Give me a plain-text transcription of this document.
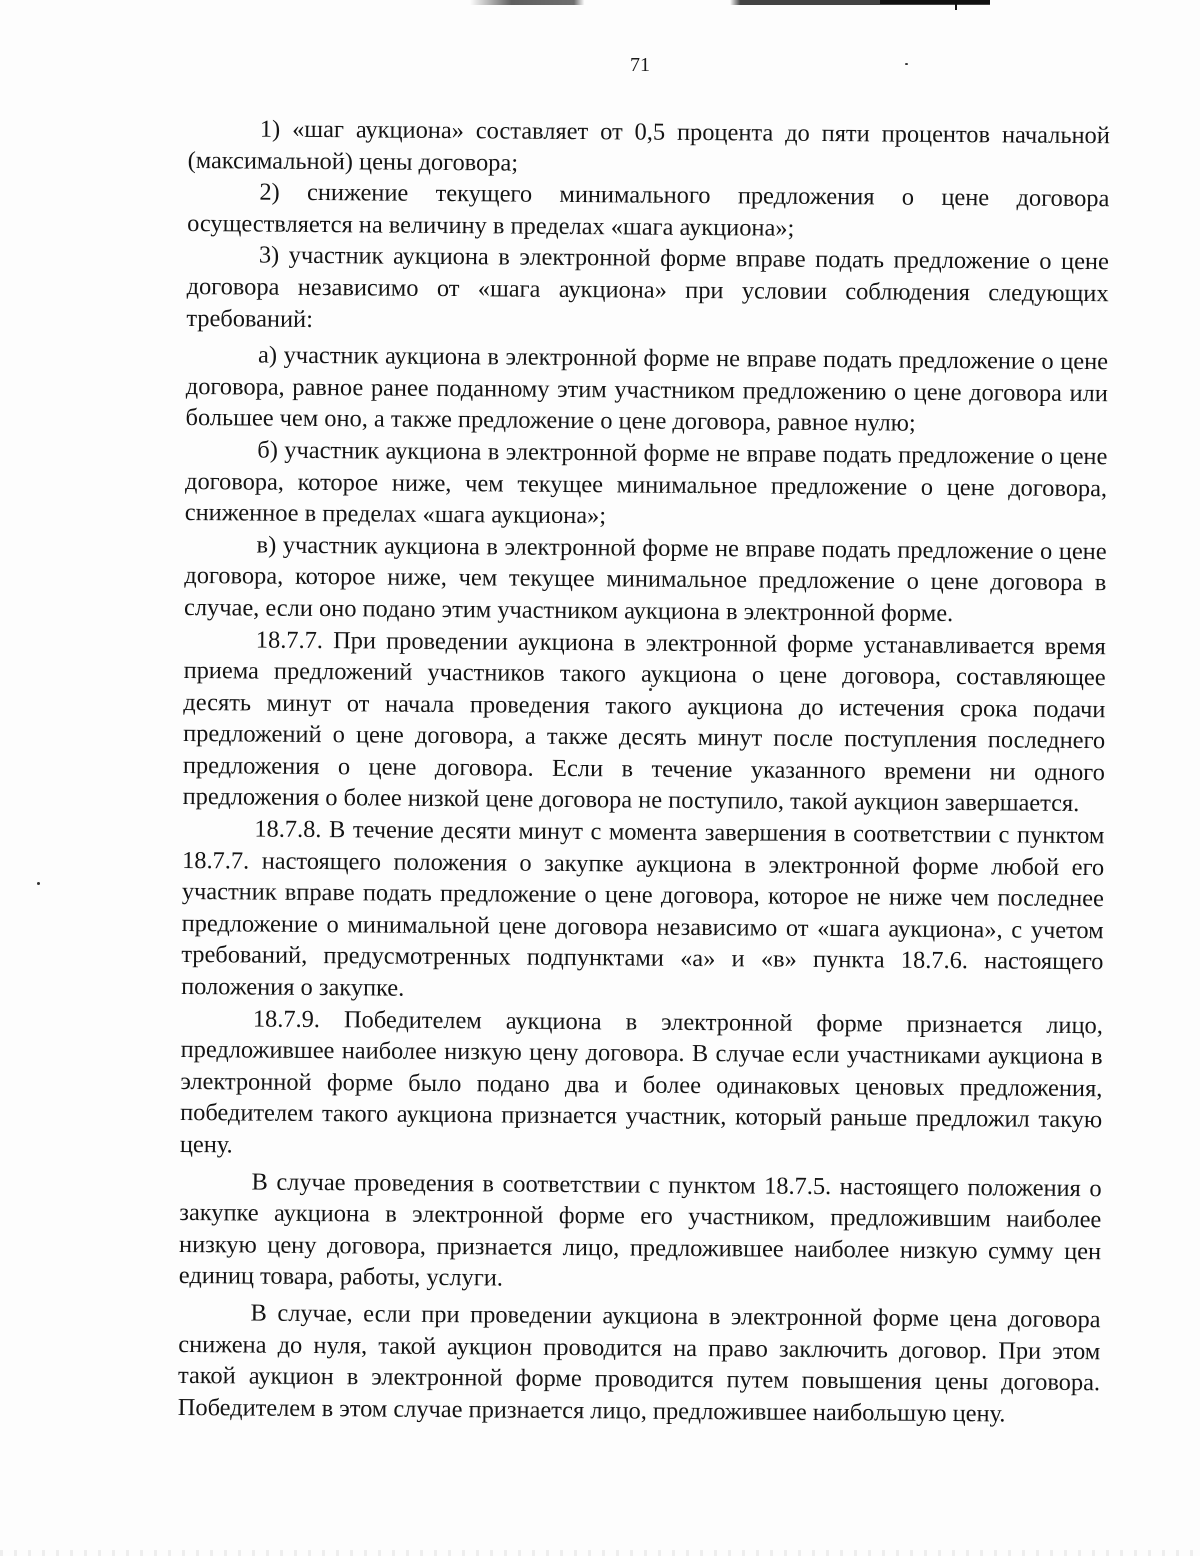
71

1) «шаг аукциона» составляет от 0,5 процента до пяти процентов начальной (максимальной) цены договора;

2) снижение текущего минимального предложения о цене договора осуществляется на величину в пределах «шага аукциона»;

3) участник аукциона в электронной форме вправе подать предложение о цене договора независимо от «шага аукциона» при условии соблюдения следующих требований:

а) участник аукциона в электронной форме не вправе подать предложение о цене договора, равное ранее поданному этим участником предложению о цене договора или большее чем оно, а также предложение о цене договора, равное нулю;

б) участник аукциона в электронной форме не вправе подать предложение о цене договора, которое ниже, чем текущее минимальное предложение о цене договора, сниженное в пределах «шага аукциона»;

в) участник аукциона в электронной форме не вправе подать предложение о цене договора, которое ниже, чем текущее минимальное предложение о цене договора в случае, если оно подано этим участником аукциона в электронной форме.

18.7.7. При проведении аукциона в электронной форме устанавливается время приема предложений участников такого аукциона о цене договора, составляющее десять минут от начала проведения такого аукциона до истечения срока подачи предложений о цене договора, а также десять минут после поступления последнего предложения о цене договора. Если в течение указанного времени ни одного предложения о более низкой цене договора не поступило, такой аукцион завершается.

18.7.8. В течение десяти минут с момента завершения в соответствии с пунктом 18.7.7. настоящего положения о закупке аукциона в электронной форме любой его участник вправе подать предложение о цене договора, которое не ниже чем последнее предложение о минимальной цене договора независимо от «шага аукциона», с учетом требований, предусмотренных подпунктами «а» и «в» пункта 18.7.6. настоящего положения о закупке.

18.7.9. Победителем аукциона в электронной форме признается лицо, предложившее наиболее низкую цену договора. В случае если участниками аукциона в электронной форме было подано два и более одинаковых ценовых предложения, победителем такого аукциона признается участник, который раньше предложил такую цену.

В случае проведения в соответствии с пунктом 18.7.5. настоящего положения о закупке аукциона в электронной форме его участником, предложившим наиболее низкую цену договора, признается лицо, предложившее наиболее низкую сумму цен единиц товара, работы, услуги.

В случае, если при проведении аукциона в электронной форме цена договора снижена до нуля, такой аукцион проводится на право заключить договор. При этом такой аукцион в электронной форме проводится путем повышения цены договора. Победителем в этом случае признается лицо, предложившее наибольшую цену.
